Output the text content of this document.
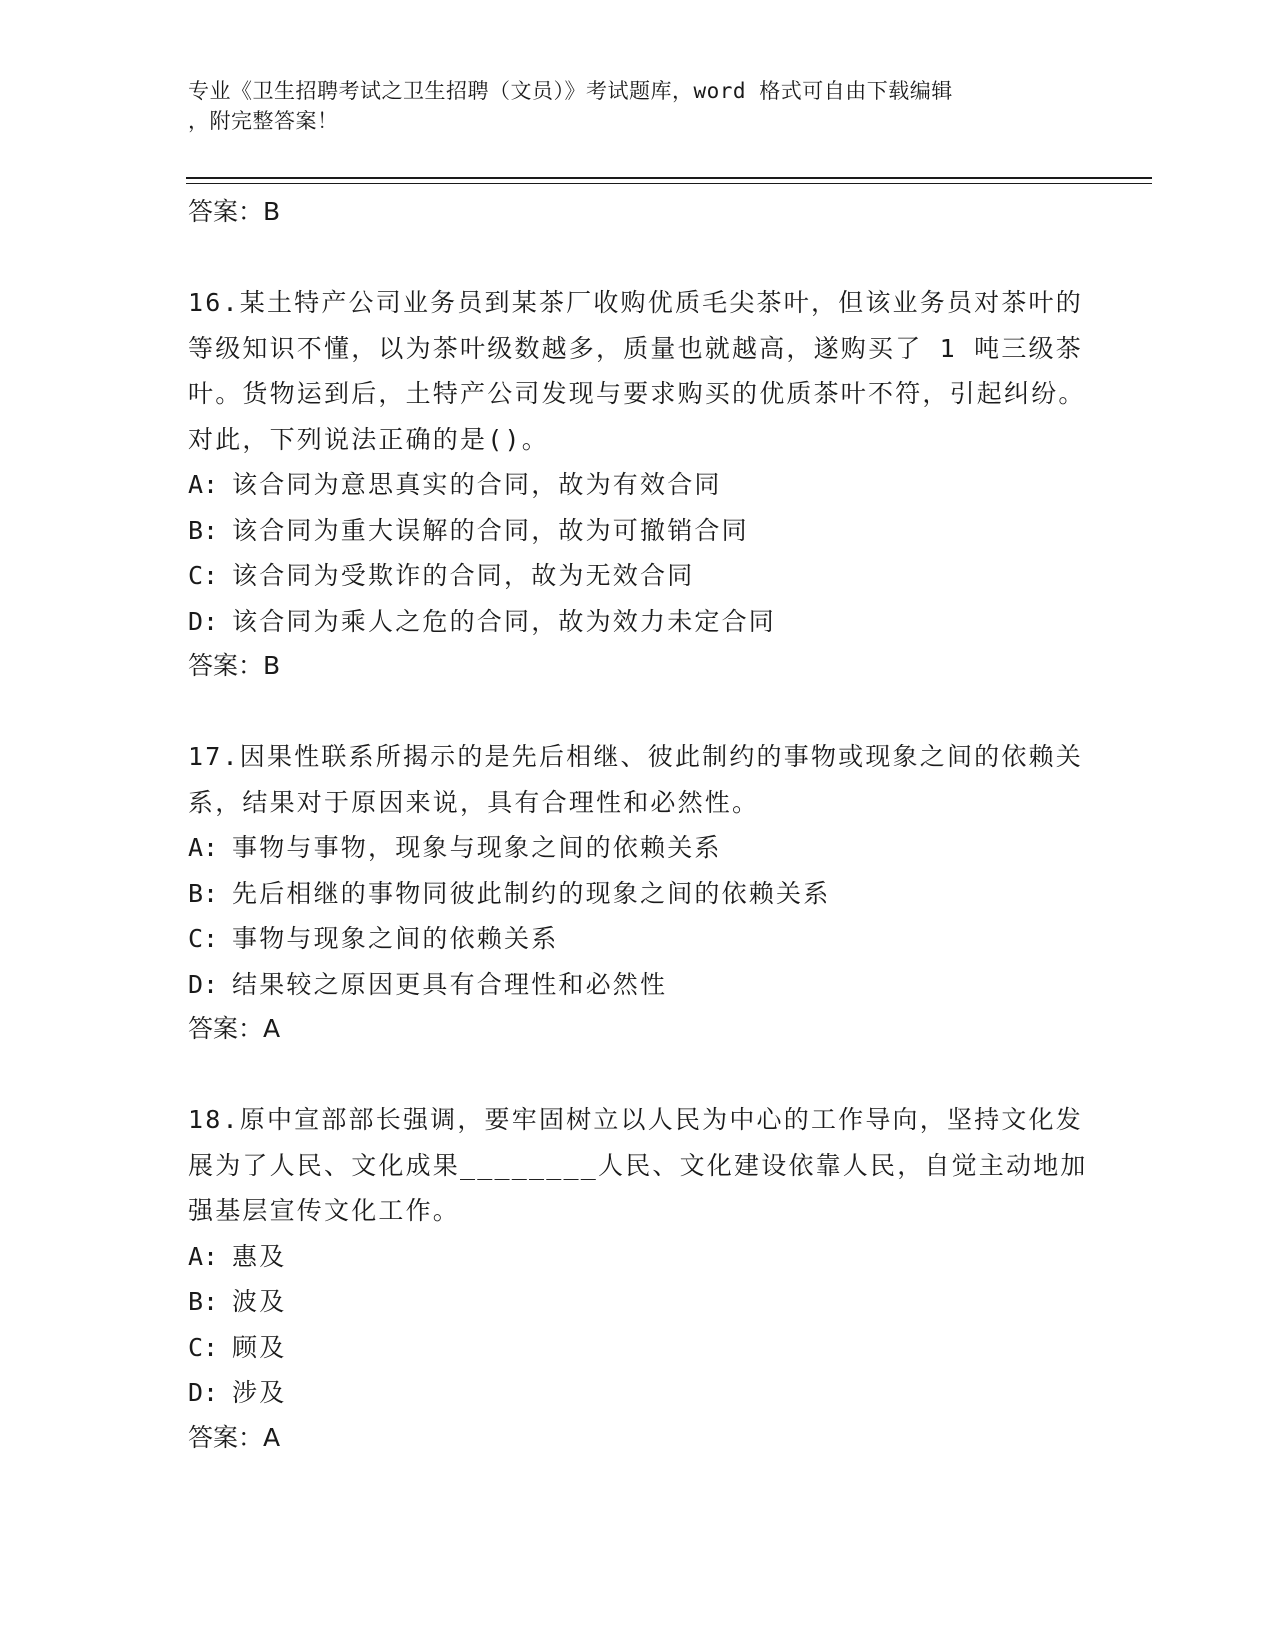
专业《卫生招聘考试之卫生招聘（文员）》考试题库，word 格式可自由下载编辑
，附完整答案！
答案：B
16.某土特产公司业务员到某茶厂收购优质毛尖茶叶，但该业务员对茶叶的等级知识不懂，以为茶叶级数越多，质量也就越高，遂购买了 1 吨三级茶叶。货物运到后，土特产公司发现与要求购买的优质茶叶不符，引起纠纷。对此，下列说法正确的是()。
A: 该合同为意思真实的合同，故为有效合同
B: 该合同为重大误解的合同，故为可撤销合同
C: 该合同为受欺诈的合同，故为无效合同
D: 该合同为乘人之危的合同，故为效力未定合同
答案：B
17.因果性联系所揭示的是先后相继、彼此制约的事物或现象之间的依赖关系，结果对于原因来说，具有合理性和必然性。
A: 事物与事物，现象与现象之间的依赖关系
B: 先后相继的事物同彼此制约的现象之间的依赖关系
C: 事物与现象之间的依赖关系
D: 结果较之原因更具有合理性和必然性
答案：A
18.原中宣部部长强调，要牢固树立以人民为中心的工作导向，坚持文化发展为了人民、文化成果________人民、文化建设依靠人民，自觉主动地加强基层宣传文化工作。
A: 惠及
B: 波及
C: 顾及
D: 涉及
答案：A
